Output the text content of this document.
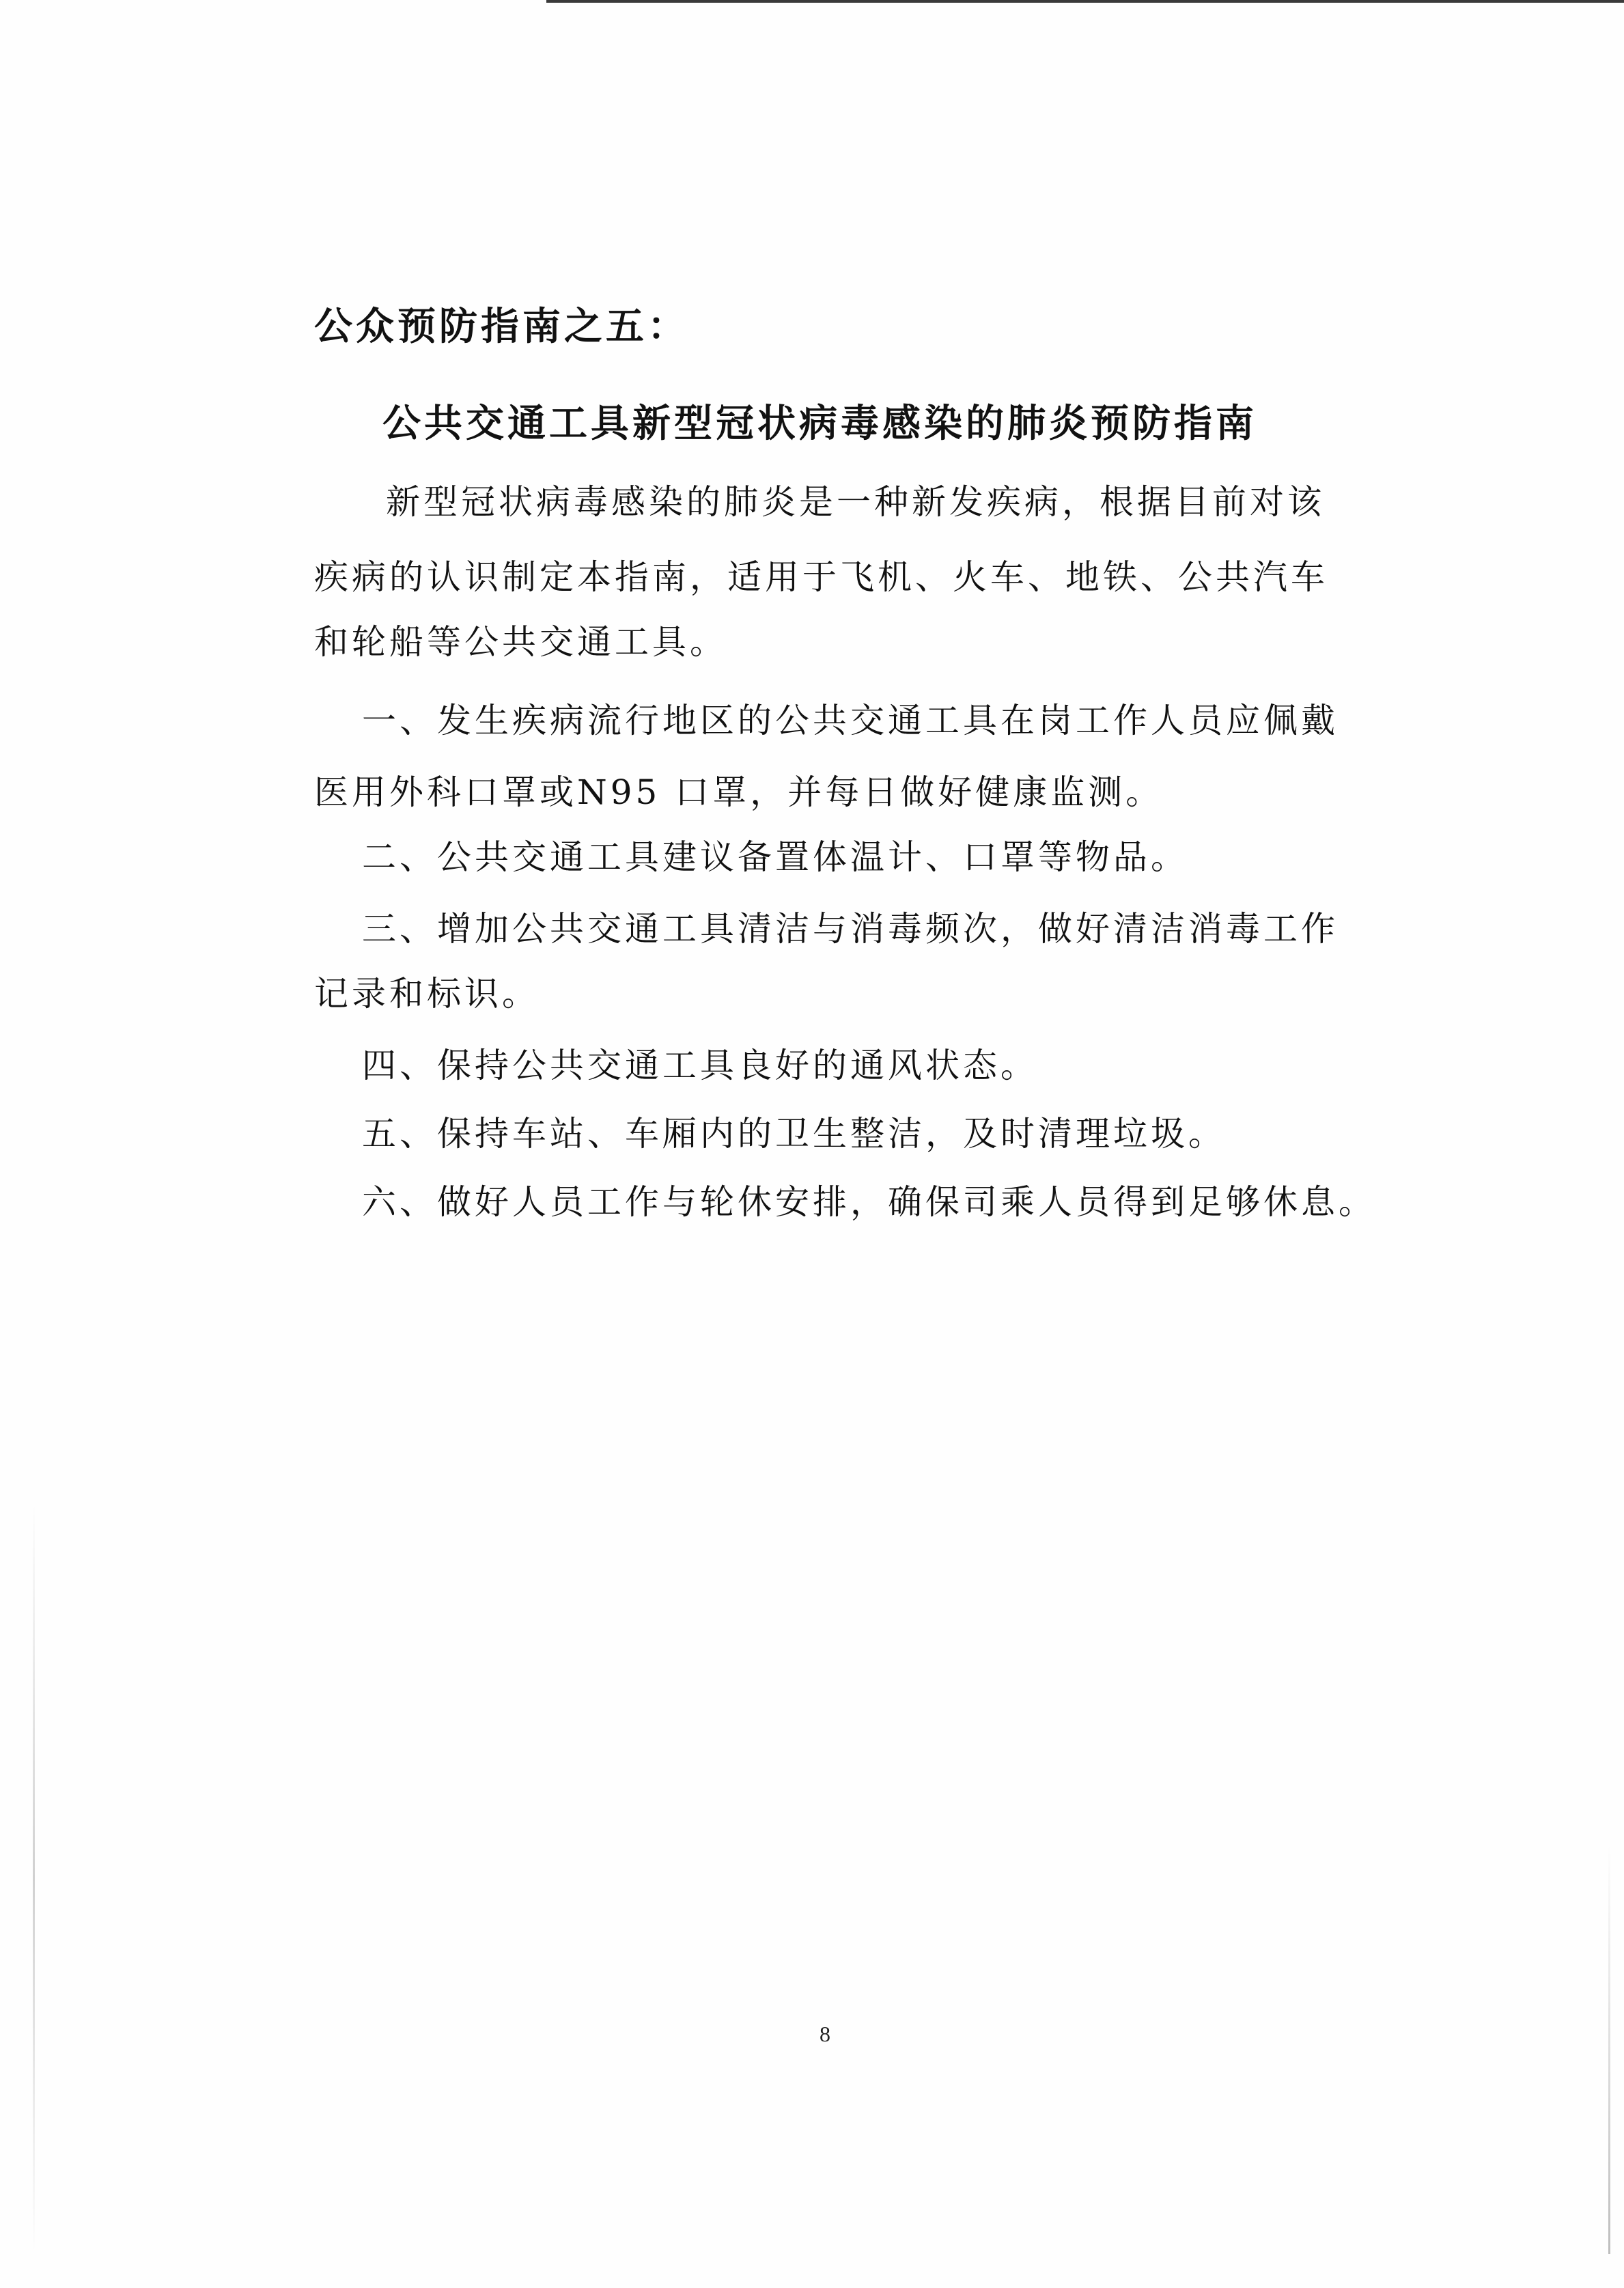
公众预防指南之五：
公共交通工具新型冠状病毒感染的肺炎预防指南
新型冠状病毒感染的肺炎是一种新发疾病，根据目前对该
疾病的认识制定本指南，适用于飞机、火车、地铁、公共汽车
和轮船等公共交通工具。
一、发生疾病流行地区的公共交通工具在岗工作人员应佩戴
医用外科口罩或N95 口罩，并每日做好健康监测。
二、公共交通工具建议备置体温计、口罩等物品。
三、增加公共交通工具清洁与消毒频次，做好清洁消毒工作
记录和标识。
四、保持公共交通工具良好的通风状态。
五、保持车站、车厢内的卫生整洁，及时清理垃圾。
六、做好人员工作与轮休安排，确保司乘人员得到足够休息。
8
